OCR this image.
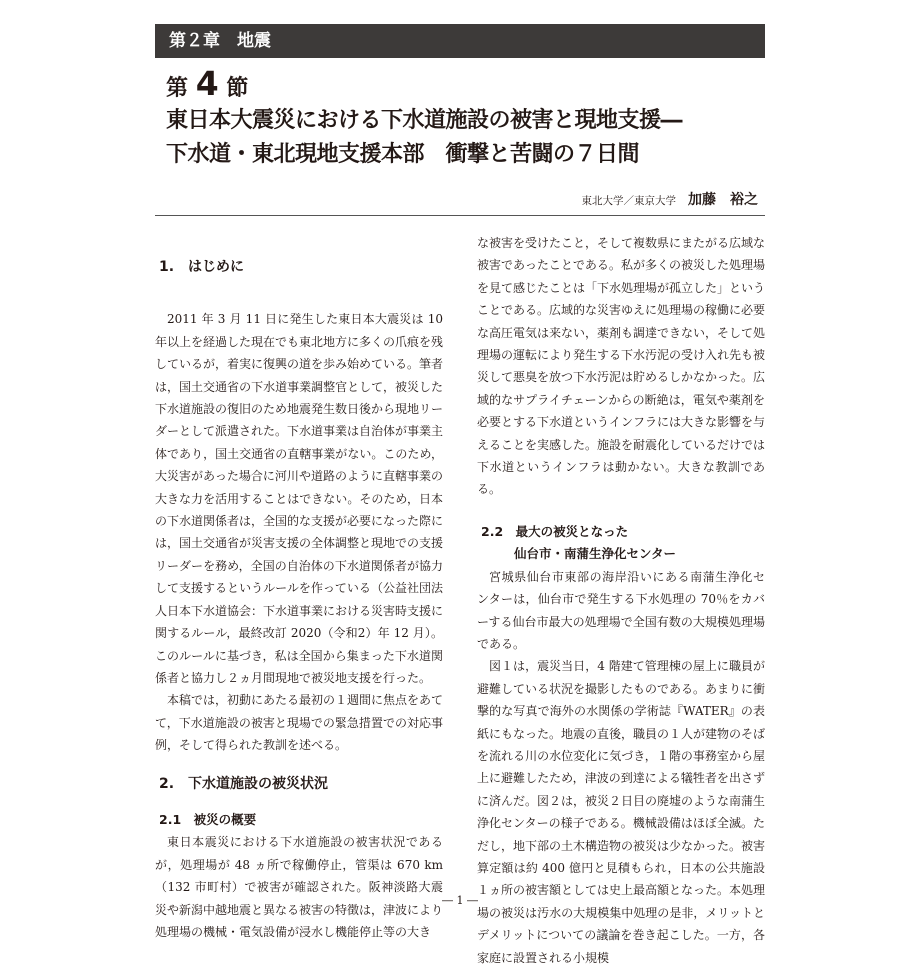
第２章　地震
第 4 節
東日本大震災における下水道施設の被害と現地支援―
下水道・東北現地支援本部　衝撃と苦闘の７日間
東北大学／東京大学 加藤　裕之
1.　はじめに

2011 年 3 月 11 日に発生した東日本大震災は 10 年以上を経過した現在でも東北地方に多くの爪痕を残しているが，着実に復興の道を歩み始めている。筆者は，国土交通省の下水道事業調整官として，被災した下水道施設の復旧のため地震発生数日後から現地リーダーとして派遣された。下水道事業は自治体が事業主体であり，国土交通省の直轄事業がない。このため，大災害があった場合に河川や道路のように直轄事業の大きな力を活用することはできない。そのため，日本の下水道関係者は，全国的な支援が必要になった際には，国土交通省が災害支援の全体調整と現地での支援リーダーを務め，全国の自治体の下水道関係者が協力して支援するというルールを作っている（公益社団法人日本下水道協会：下水道事業における災害時支援に関するルール，最終改訂 2020（令和2）年 12 月）。このルールに基づき，私は全国から集まった下水道関係者と協力し２ヵ月間現地で被災地支援を行った。

本稿では，初動にあたる最初の１週間に焦点をあてて，下水道施設の被害と現場での緊急措置での対応事例，そして得られた教訓を述べる。

2.　下水道施設の被災状況
2.1　被災の概要

東日本震災における下水道施設の被害状況であるが，処理場が 48 ヵ所で稼働停止，管渠は 670 km（132 市町村）で被害が確認された。阪神淡路大震災や新潟中越地震と異なる被害の特徴は，津波により処理場の機械・電気設備が浸水し機能停止等の大き

な被害を受けたこと，そして複数県にまたがる広域な被害であったことである。私が多くの被災した処理場を見て感じたことは「下水処理場が孤立した」ということである。広域的な災害ゆえに処理場の稼働に必要な高圧電気は来ない，薬剤も調達できない，そして処理場の運転により発生する下水汚泥の受け入れ先も被災して悪臭を放つ下水汚泥は貯めるしかなかった。広域的なサプライチェーンからの断絶は，電気や薬剤を必要とする下水道というインフラには大きな影響を与えることを実感した。施設を耐震化しているだけでは下水道というインフラは動かない。大きな教訓である。

2.2　最大の被災となった
仙台市・南蒲生浄化センター

宮城県仙台市東部の海岸沿いにある南蒲生浄化センターは，仙台市で発生する下水処理の 70％をカバーする仙台市最大の処理場で全国有数の大規模処理場である。

図１は，震災当日，4 階建て管理棟の屋上に職員が避難している状況を撮影したものである。あまりに衝撃的な写真で海外の水関係の学術誌『WATER』の表紙にもなった。地震の直後，職員の１人が建物のそばを流れる川の水位変化に気づき，１階の事務室から屋上に避難したため，津波の到達による犠牲者を出さずに済んだ。図２は，被災２日目の廃墟のような南蒲生浄化センターの様子である。機械設備はほぼ全滅。ただし，地下部の土木構造物の被災は少なかった。被害算定額は約 400 億円と見積もられ，日本の公共施設１ヵ所の被害額としては史上最高額となった。本処理場の被災は汚水の大規模集中処理の是非，メリットとデメリットについての議論を巻き起こした。一方，各家庭に設置される小規模

― 1 ―
